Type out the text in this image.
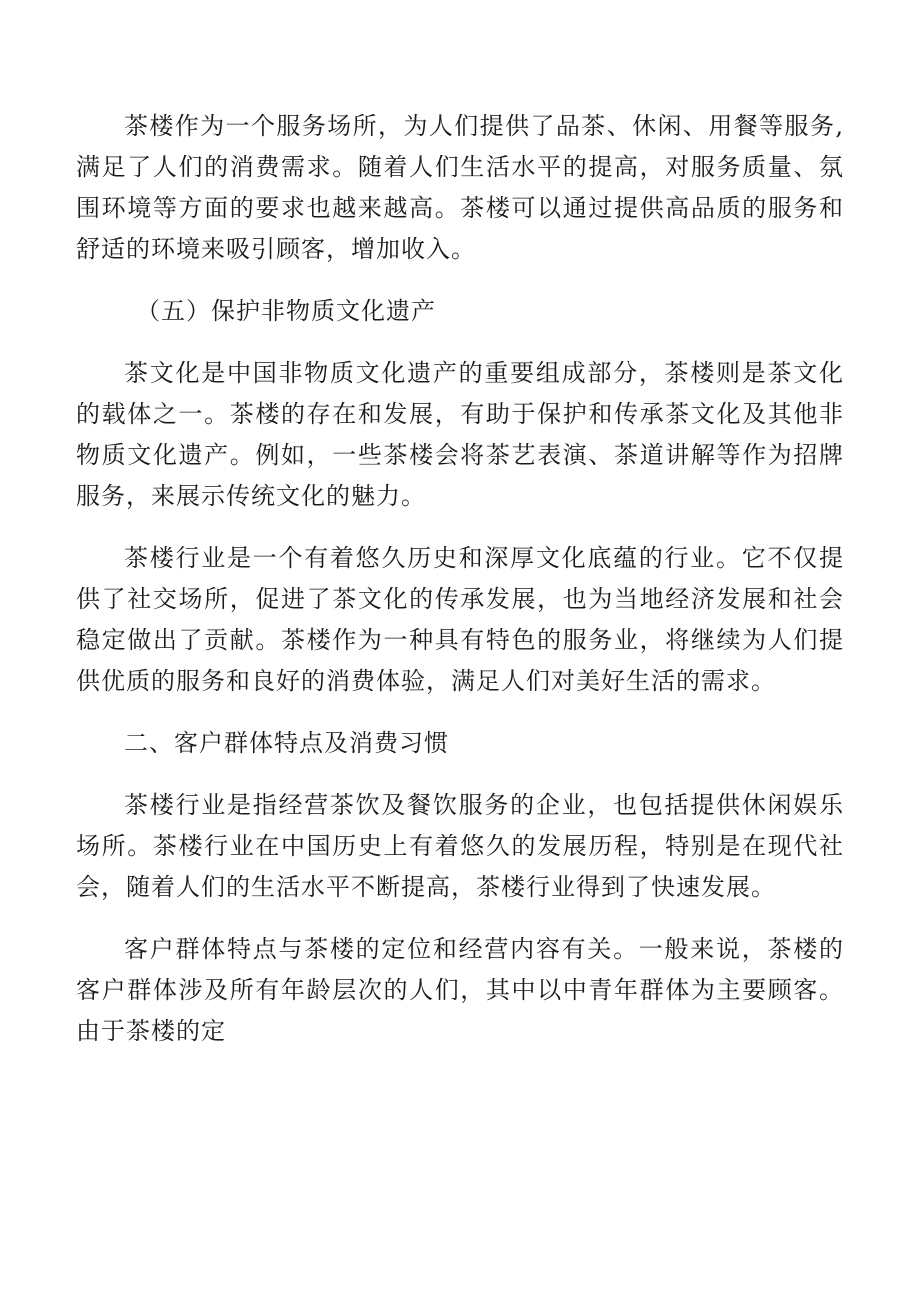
茶楼作为一个服务场所，为人们提供了品茶、休闲、用餐等服务,满足了人们的消费需求。随着人们生活水平的提高，对服务质量、氛围环境等方面的要求也越来越高。茶楼可以通过提供高品质的服务和舒适的环境来吸引顾客，增加收入。

（五）保护非物质文化遗产

茶文化是中国非物质文化遗产的重要组成部分，茶楼则是茶文化的载体之一。茶楼的存在和发展，有助于保护和传承茶文化及其他非物质文化遗产。例如，一些茶楼会将茶艺表演、茶道讲解等作为招牌服务，来展示传统文化的魅力。

茶楼行业是一个有着悠久历史和深厚文化底蕴的行业。它不仅提供了社交场所，促进了茶文化的传承发展，也为当地经济发展和社会稳定做出了贡献。茶楼作为一种具有特色的服务业，将继续为人们提供优质的服务和良好的消费体验，满足人们对美好生活的需求。

二、客户群体特点及消费习惯

茶楼行业是指经营茶饮及餐饮服务的企业，也包括提供休闲娱乐场所。茶楼行业在中国历史上有着悠久的发展历程，特别是在现代社会，随着人们的生活水平不断提高，茶楼行业得到了快速发展。

客户群体特点与茶楼的定位和经营内容有关。一般来说，茶楼的客户群体涉及所有年龄层次的人们，其中以中青年群体为主要顾客。由于茶楼的定
